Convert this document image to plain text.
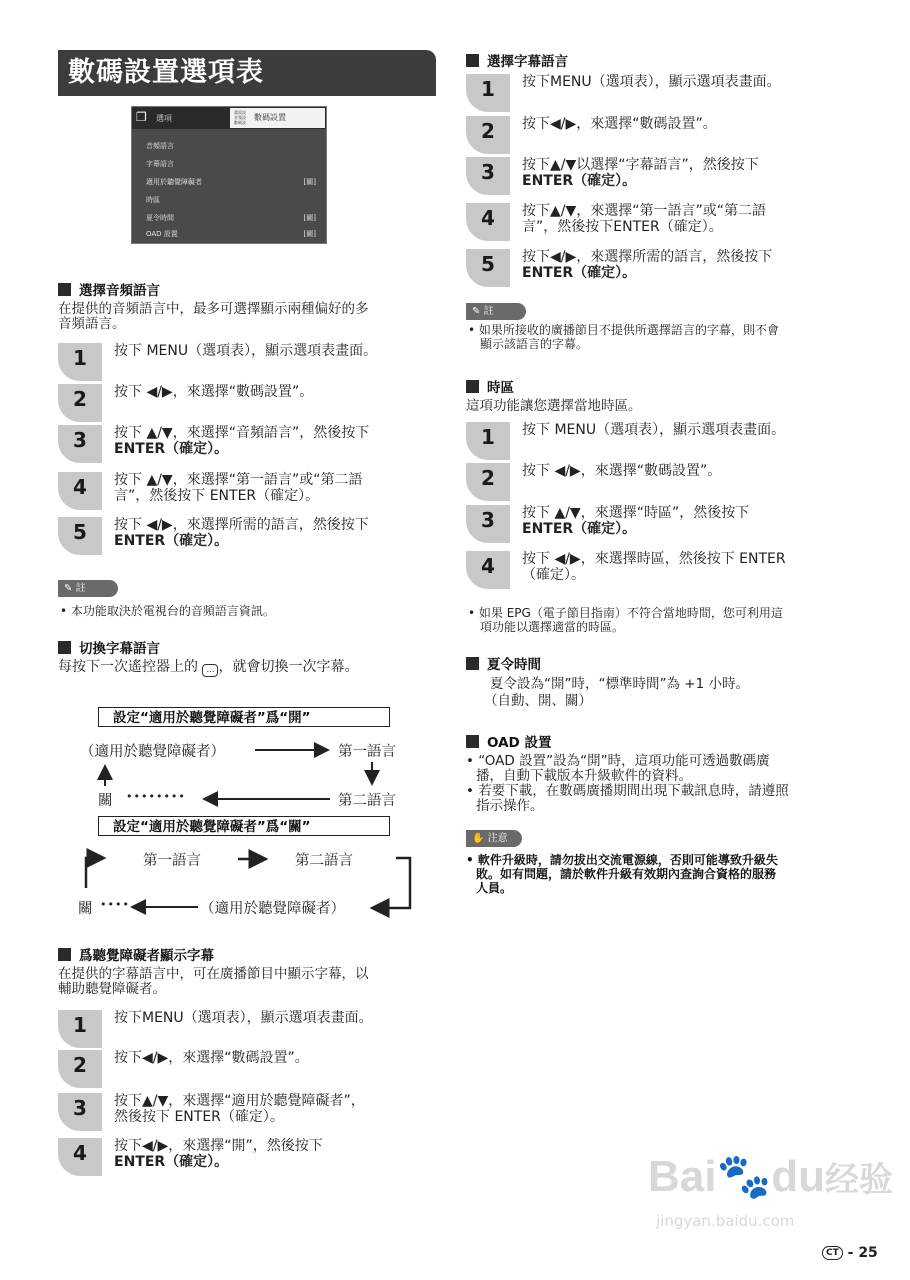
數碼設置選項表
❐ 選項
畫面設
音頻設
數碼設
數碼設置
音頻語言
字幕語言
適用於聽覺障礙者	[關]
時區
夏令時間	[關]
OAD 設置	[關]
選擇音頻語言
在提供的音頻語言中，最多可選擇顯示兩種偏好的多
音頻語言。
1	按下 MENU（選項表），顯示選項表畫面。
2	按下 ◀/▶，來選擇“數碼設置”。
3	按下 ▲/▼，來選擇“音頻語言”，然後按下
ENTER（確定）。
4	按下 ▲/▼，來選擇“第一語言”或“第二語
言”，然後按下 ENTER（確定）。
5	按下 ◀/▶，來選擇所需的語言，然後按下
ENTER（確定）。
✎ 註
• 本功能取決於電視台的音頻語言資訊。
切換字幕語言
每按下一次遙控器上的 … ，就會切換一次字幕。
設定“適用於聽覺障礙者”爲“開”
（適用於聽覺障礙者）	第一語言
第二語言
關 ••••••••
設定“適用於聽覺障礙者”爲“關”
第一語言	第二語言
關 ••••	（適用於聽覺障礙者）
爲聽覺障礙者顯示字幕
在提供的字幕語言中，可在廣播節目中顯示字幕，以
輔助聽覺障礙者。
1	按下MENU（選項表），顯示選項表畫面。
2	按下◀/▶，來選擇“數碼設置”。
3	按下▲/▼，來選擇“適用於聽覺障礙者”，
然後按下 ENTER（確定）。
4	按下◀/▶，來選擇“開”，然後按下
ENTER（確定）。
選擇字幕語言
1	按下MENU（選項表），顯示選項表畫面。
2	按下◀/▶，來選擇“數碼設置”。
3	按下▲/▼以選擇“字幕語言”，然後按下
ENTER（確定）。
4	按下▲/▼，來選擇“第一語言”或“第二語
言”，然後按下ENTER（確定）。
5	按下◀/▶，來選擇所需的語言，然後按下
ENTER（確定）。
✎ 註
• 如果所接收的廣播節目不提供所選擇語言的字幕，則不會
顯示該語言的字幕。
時區
這項功能讓您選擇當地時區。
1	按下 MENU（選項表），顯示選項表畫面。
2	按下 ◀/▶，來選擇“數碼設置”。
3	按下 ▲/▼，來選擇“時區”，然後按下
ENTER（確定）。
4	按下 ◀/▶，來選擇時區，然後按下 ENTER
（確定）。
• 如果 EPG（電子節目指南）不符合當地時間，您可利用這
項功能以選擇適當的時區。
夏令時間
夏令設為“開”時，“標準時間”為 +1 小時。
（自動、開、關）
OAD 設置
• “OAD 設置”設為“開”時，這項功能可透過數碼廣
播，自動下載版本升級軟件的資料。
• 若要下載，在數碼廣播期間出現下載訊息時，請遵照
指示操作。
✋ 注意
• 軟件升級時，請勿拔出交流電源線，否則可能導致升級失
敗。如有問題，請於軟件升級有效期內查詢合資格的服務
人員。
Bai🐾du经验
jingyan.baidu.com
CT - 25
